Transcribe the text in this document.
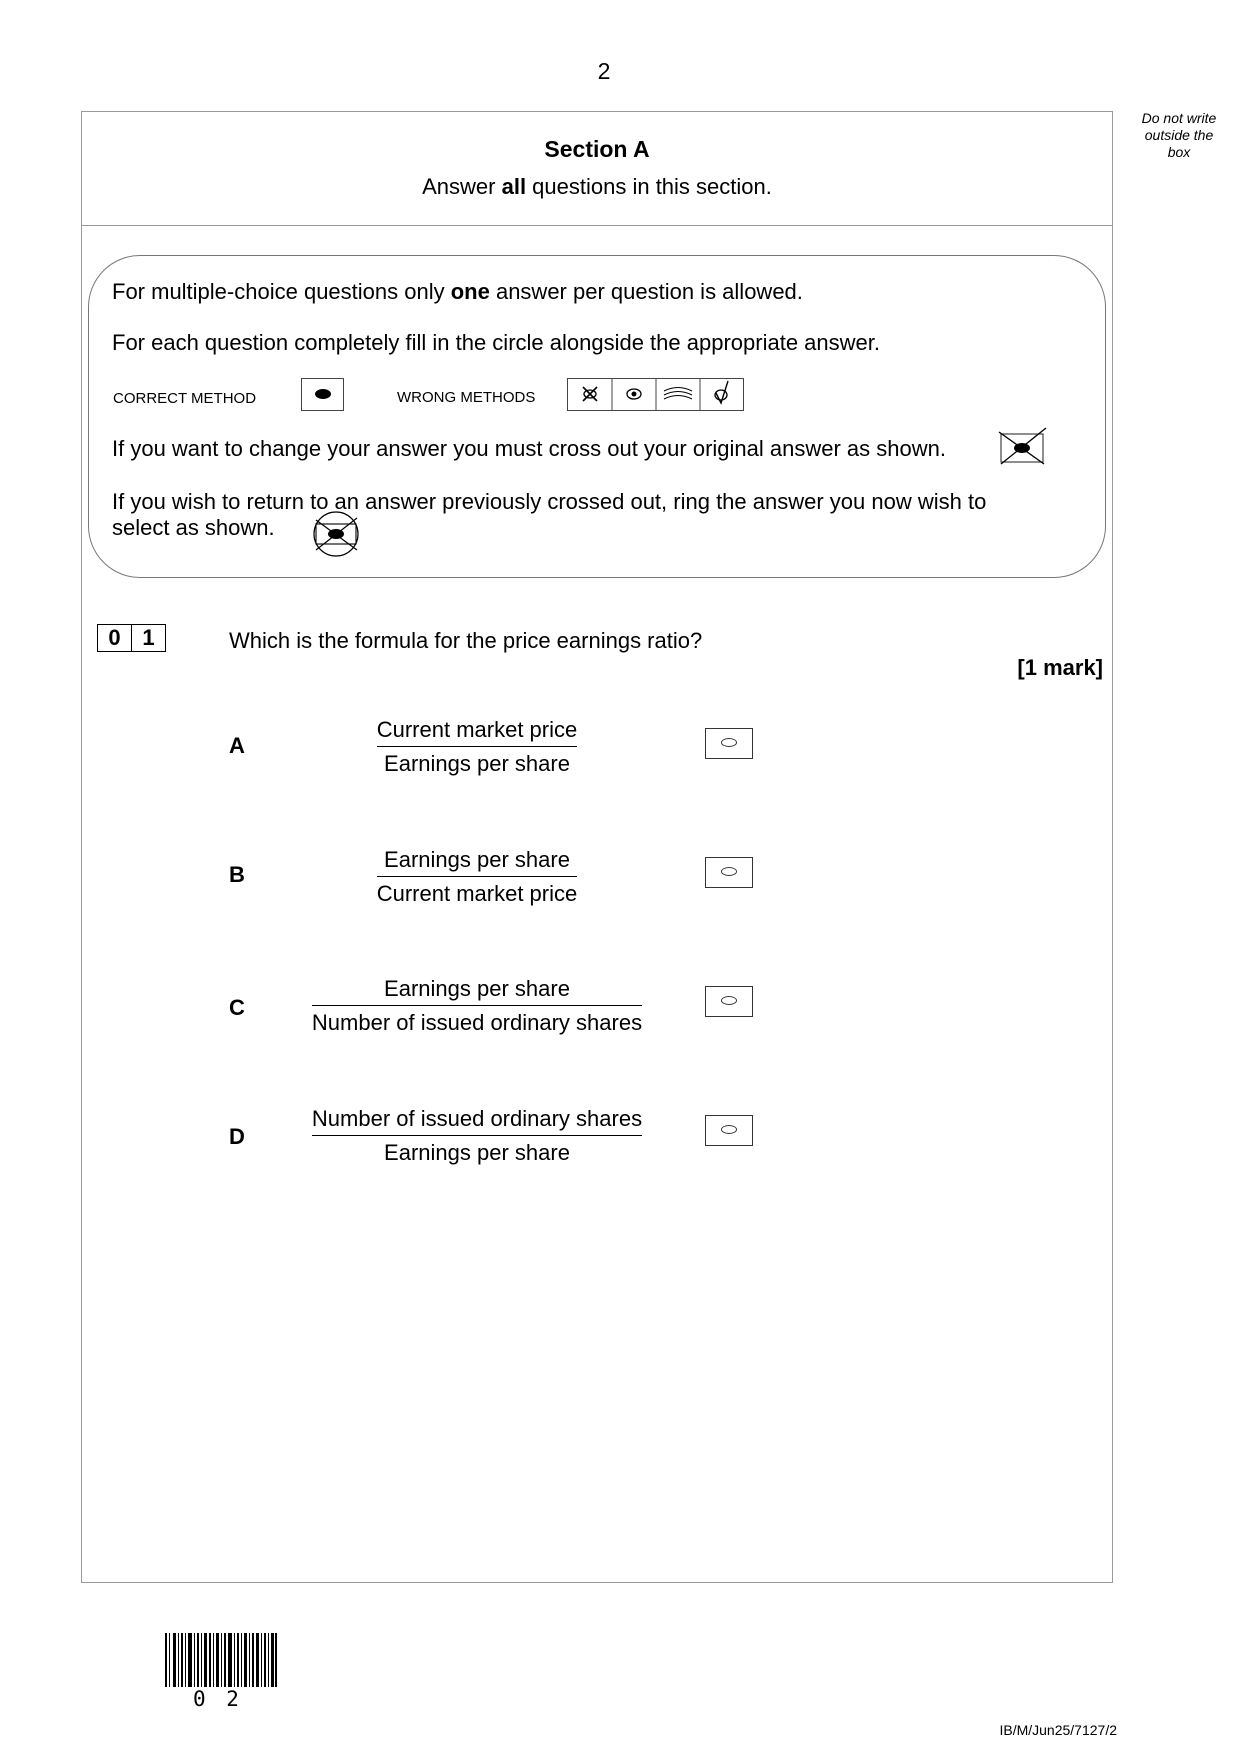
2
Do not write outside the box
Section A
Answer all questions in this section.
For multiple-choice questions only one answer per question is allowed.
For each question completely fill in the circle alongside the appropriate answer.
CORRECT METHOD	WRONG METHODS
If you want to change your answer you must cross out your original answer as shown.
If you wish to return to an answer previously crossed out, ring the answer you now wish to
select as shown.
0 1	Which is the formula for the price earnings ratio?
[1 mark]
A	$\frac{\text{Current market price}}{\text{Earnings per share}}$
B	$\frac{\text{Earnings per share}}{\text{Current market price}}$
C	$\frac{\text{Earnings per share}}{\text{Number of issued ordinary shares}}$
D	$\frac{\text{Number of issued ordinary shares}}{\text{Earnings per share}}$
0 2
IB/M/Jun25/7127/2
